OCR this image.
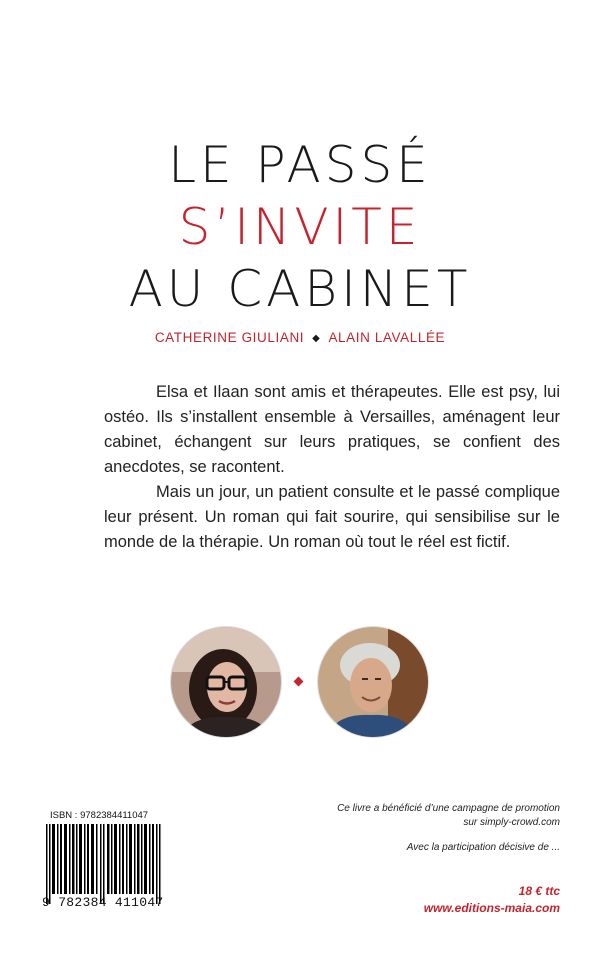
LE PASSÉ
S’INVITE
AU CABINET
CATHERINE GIULIANI ◆ ALAIN LAVALLÉE

Elsa et Ilaan sont amis et thérapeutes. Elle est psy, lui ostéo. Ils s’installent ensemble à Versailles, aménagent leur cabinet, échangent sur leurs pratiques, se confient des anecdotes, se racontent.

Mais un jour, un patient consulte et le passé complique leur présent. Un roman qui fait sourire, qui sensibilise sur le monde de la thérapie. Un roman où tout le réel est fictif.

ISBN : 9782384411047
9 782384 411047
Ce livre a bénéficié d’une campagne de promotion
sur simply-crowd.com
Avec la participation décisive de ...
18 € ttc
www.editions-maia.com
